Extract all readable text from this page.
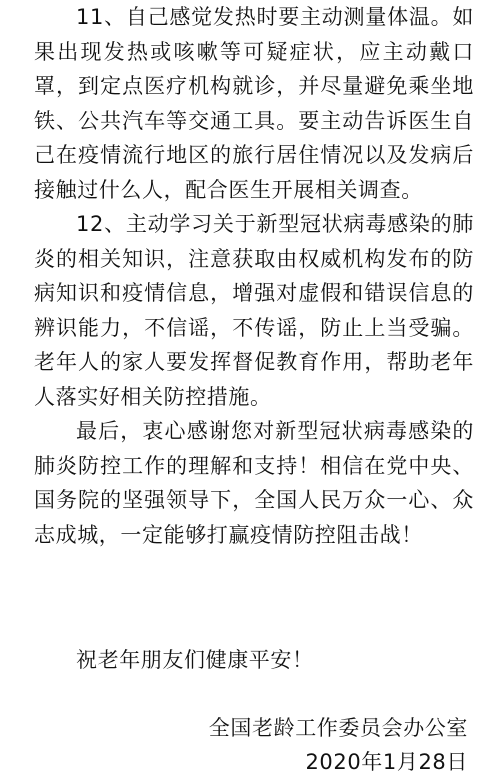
11、自己感觉发热时要主动测量体温。如果出现发热或咳嗽等可疑症状，应主动戴口罩，到定点医疗机构就诊，并尽量避免乘坐地铁、公共汽车等交通工具。要主动告诉医生自己在疫情流行地区的旅行居住情况以及发病后接触过什么人，配合医生开展相关调查。

12、主动学习关于新型冠状病毒感染的肺炎的相关知识，注意获取由权威机构发布的防病知识和疫情信息，增强对虚假和错误信息的辨识能力，不信谣，不传谣，防止上当受骗。老年人的家人要发挥督促教育作用，帮助老年人落实好相关防控措施。

最后，衷心感谢您对新型冠状病毒感染的肺炎防控工作的理解和支持！相信在党中央、国务院的坚强领导下，全国人民万众一心、众志成城，一定能够打赢疫情防控阻击战！

祝老年朋友们健康平安！
全国老龄工作委员会办公室
2020年1月28日
